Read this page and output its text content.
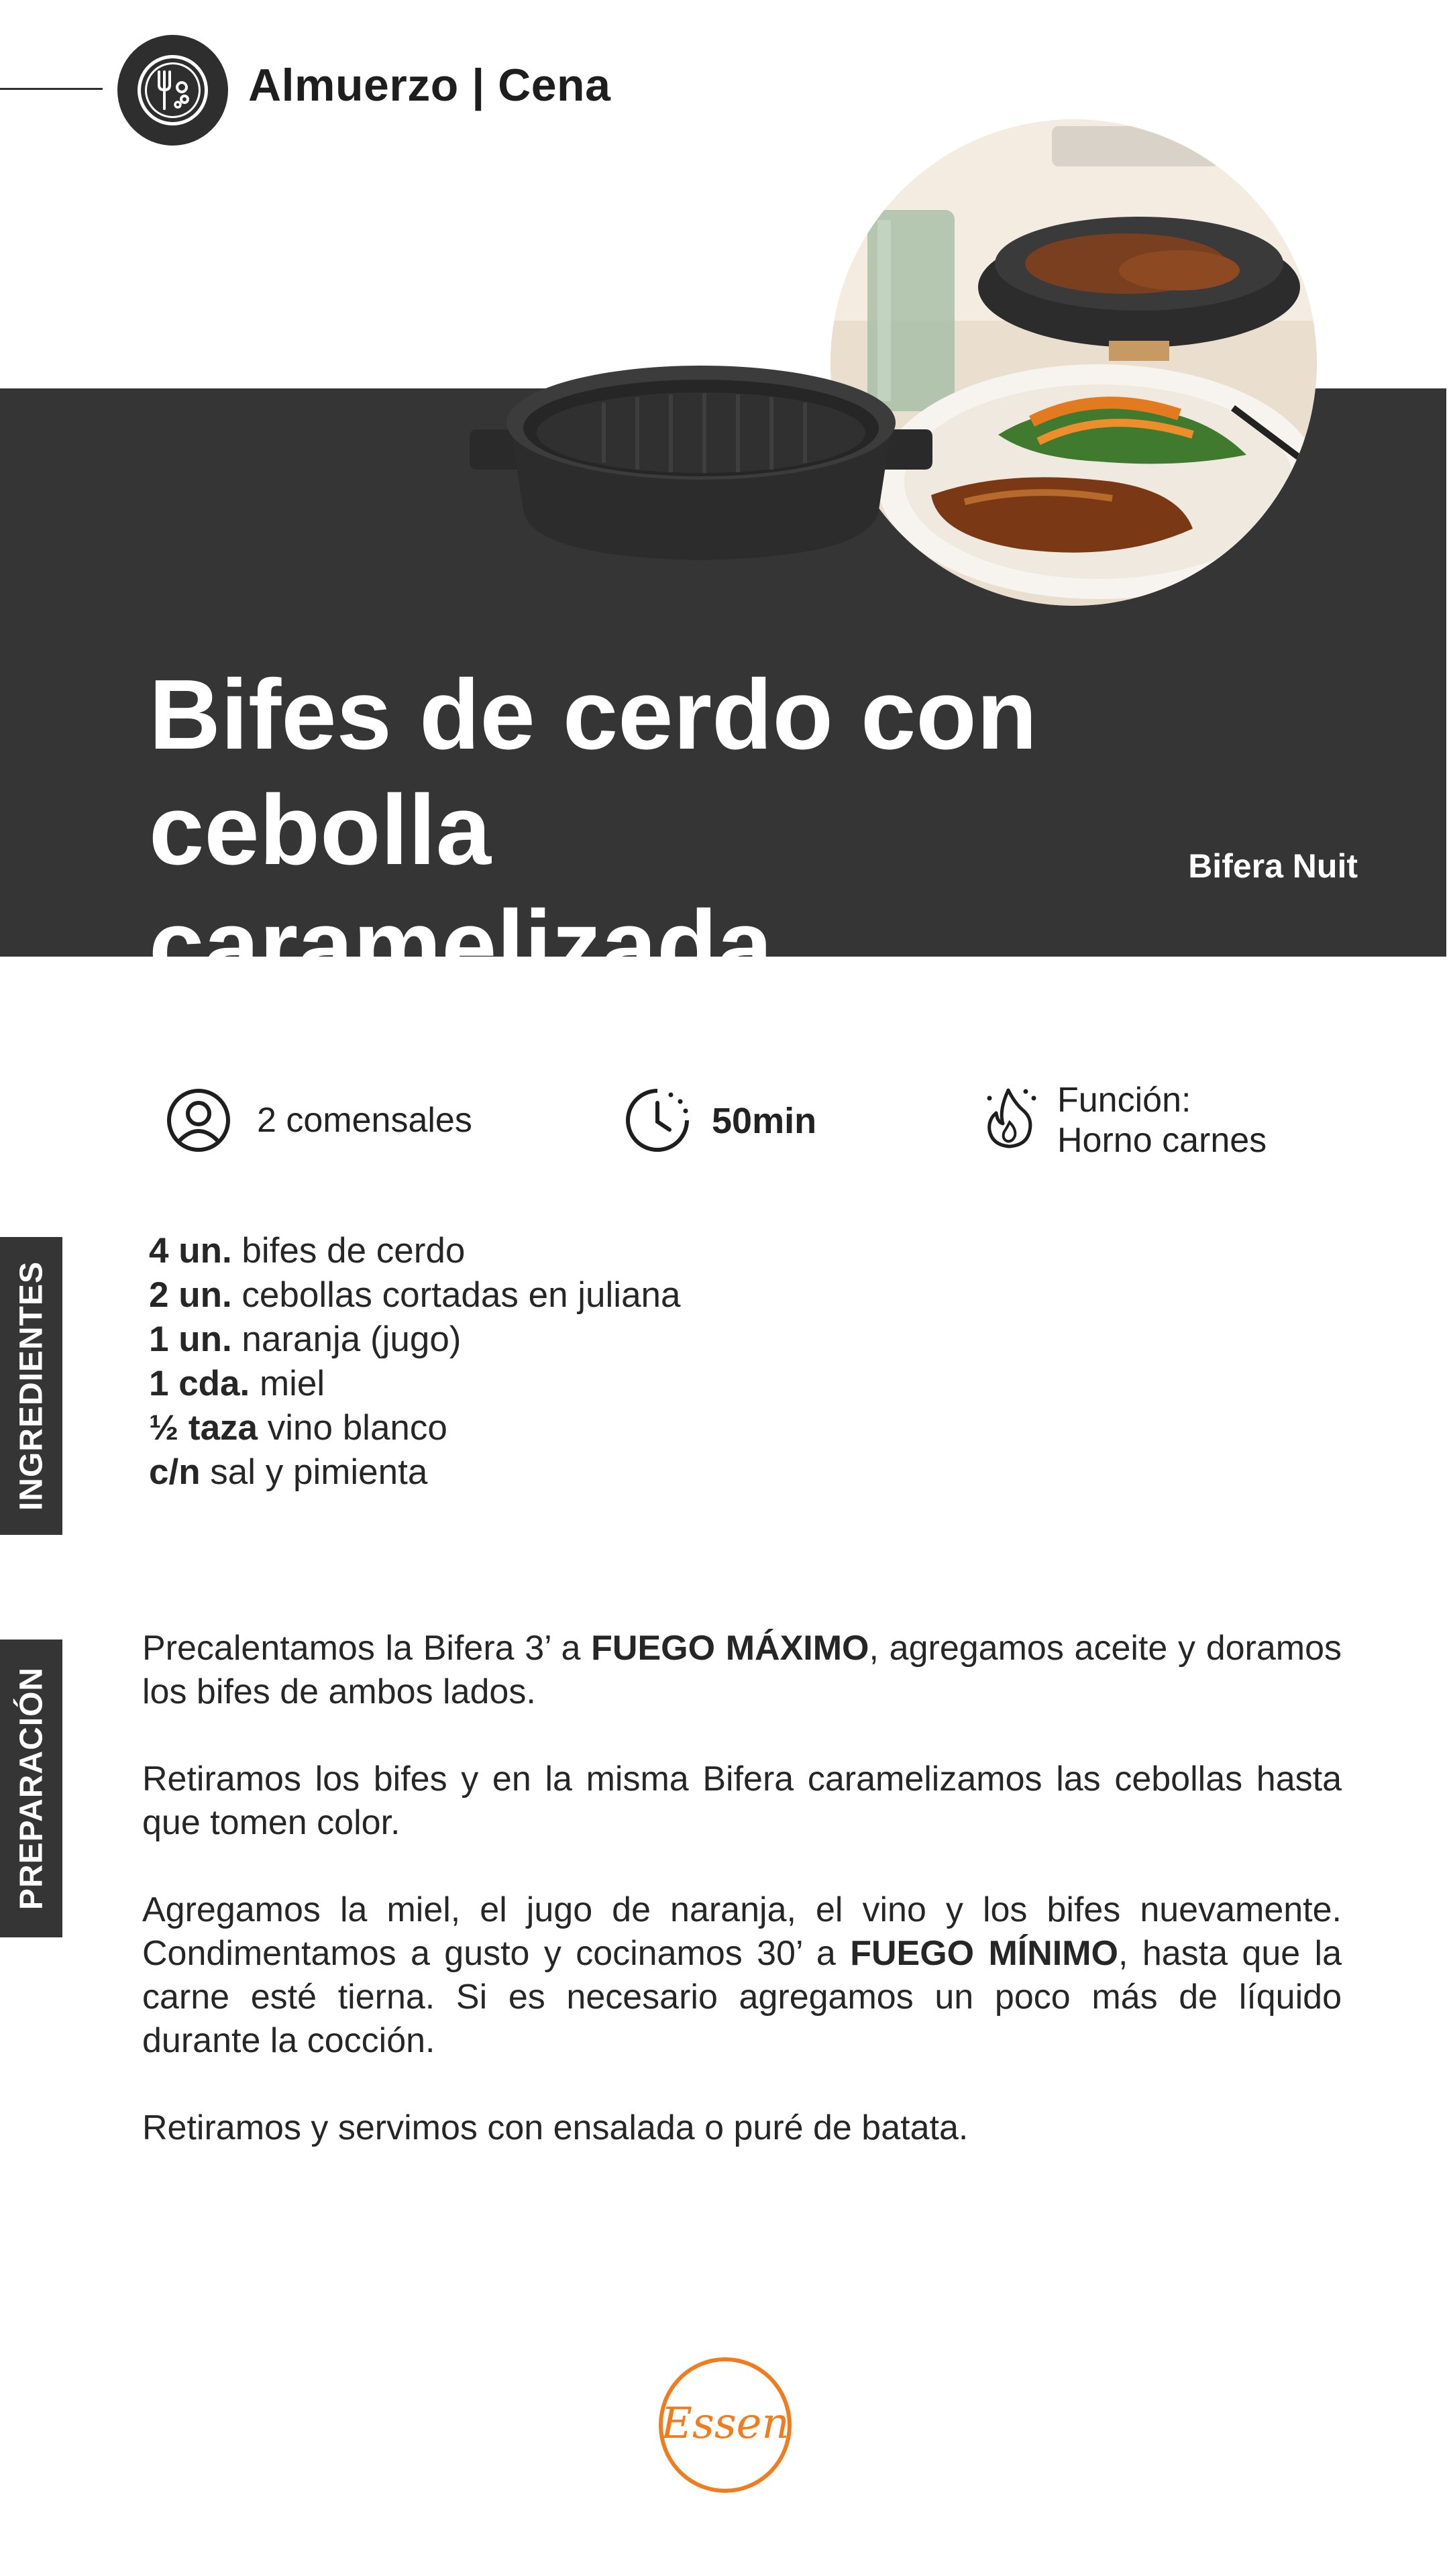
Almuerzo | Cena
Bifes de cerdo con cebolla
caramelizada
Bifera Nuit
2 comensales	50min
Función:
Horno carnes
INGREDIENTES
PREPARACIÓN
4 un. bifes de cerdo
2 un. cebollas cortadas en juliana
1 un. naranja (jugo)
1 cda. miel
½ taza vino blanco
c/n sal y pimienta

Precalentamos la Bifera 3’ a FUEGO MÁXIMO, agregamos aceite y doramos los bifes de ambos lados.

Retiramos los bifes y en la misma Bifera caramelizamos las cebollas hasta que tomen color.

Agregamos la miel, el jugo de naranja, el vino y los bifes nuevamente. Condimentamos a gusto y cocinamos 30’ a FUEGO MÍNIMO, hasta que la carne esté tierna. Si es necesario agregamos un poco más de líquido durante la cocción.

Retiramos y servimos con ensalada o puré de batata.

Essen
